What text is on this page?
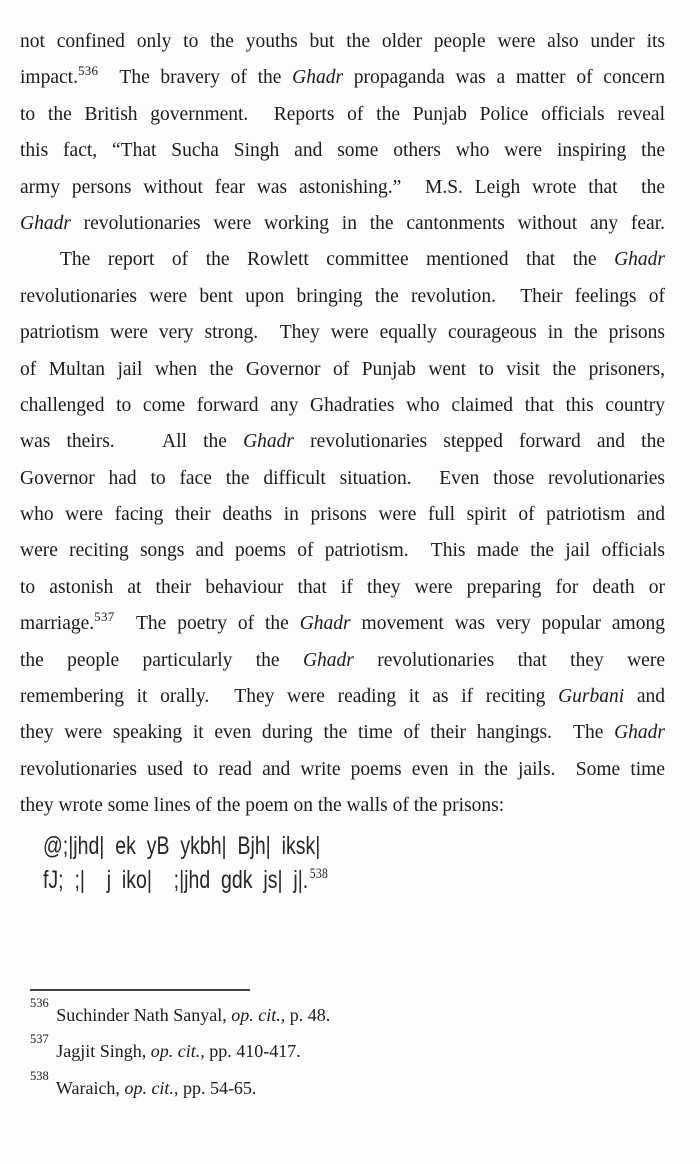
not confined only to the youths but the older people were also under its
impact.$^{536}$  The bravery of the Ghadr propaganda was a matter of concern
to the British government.  Reports of the Punjab Police officials reveal
this fact, “That Sucha Singh and some others who were inspiring the
army persons without fear was astonishing.”  M.S. Leigh wrote that  the
Ghadr revolutionaries were working in the cantonments without any fear.
The report of the Rowlett committee mentioned that the Ghadr
revolutionaries were bent upon bringing the revolution.  Their feelings of
patriotism were very strong.  They were equally courageous in the prisons
of Multan jail when the Governor of Punjab went to visit the prisoners,
challenged to come forward any Ghadraties who claimed that this country
was theirs.   All the Ghadr revolutionaries stepped forward and the
Governor had to face the difficult situation.  Even those revolutionaries
who were facing their deaths in prisons were full spirit of patriotism and
were reciting songs and poems of patriotism.  This made the jail officials
to astonish at their behaviour that if they were preparing for death or
marriage.$^{537}$  The poetry of the Ghadr movement was very popular among
the people particularly the Ghadr revolutionaries that they were
remembering it orally.  They were reading it as if reciting Gurbani and
they were speaking it even during the time of their hangings.  The Ghadr
revolutionaries used to read and write poems even in the jails.  Some time
they wrote some lines of the poem on the walls of the prisons:
@;|jhd| ek yB ykbh| Bjh| iksk|
fJ; ;|  j iko|  ;|jhd gdk js| j|. $^{538}$
$^{536}$ Suchinder Nath Sanyal, op. cit., p. 48.
$^{537}$ Jagjit Singh, op. cit., pp. 410-417.
$^{538}$ Waraich, op. cit., pp. 54-65.
